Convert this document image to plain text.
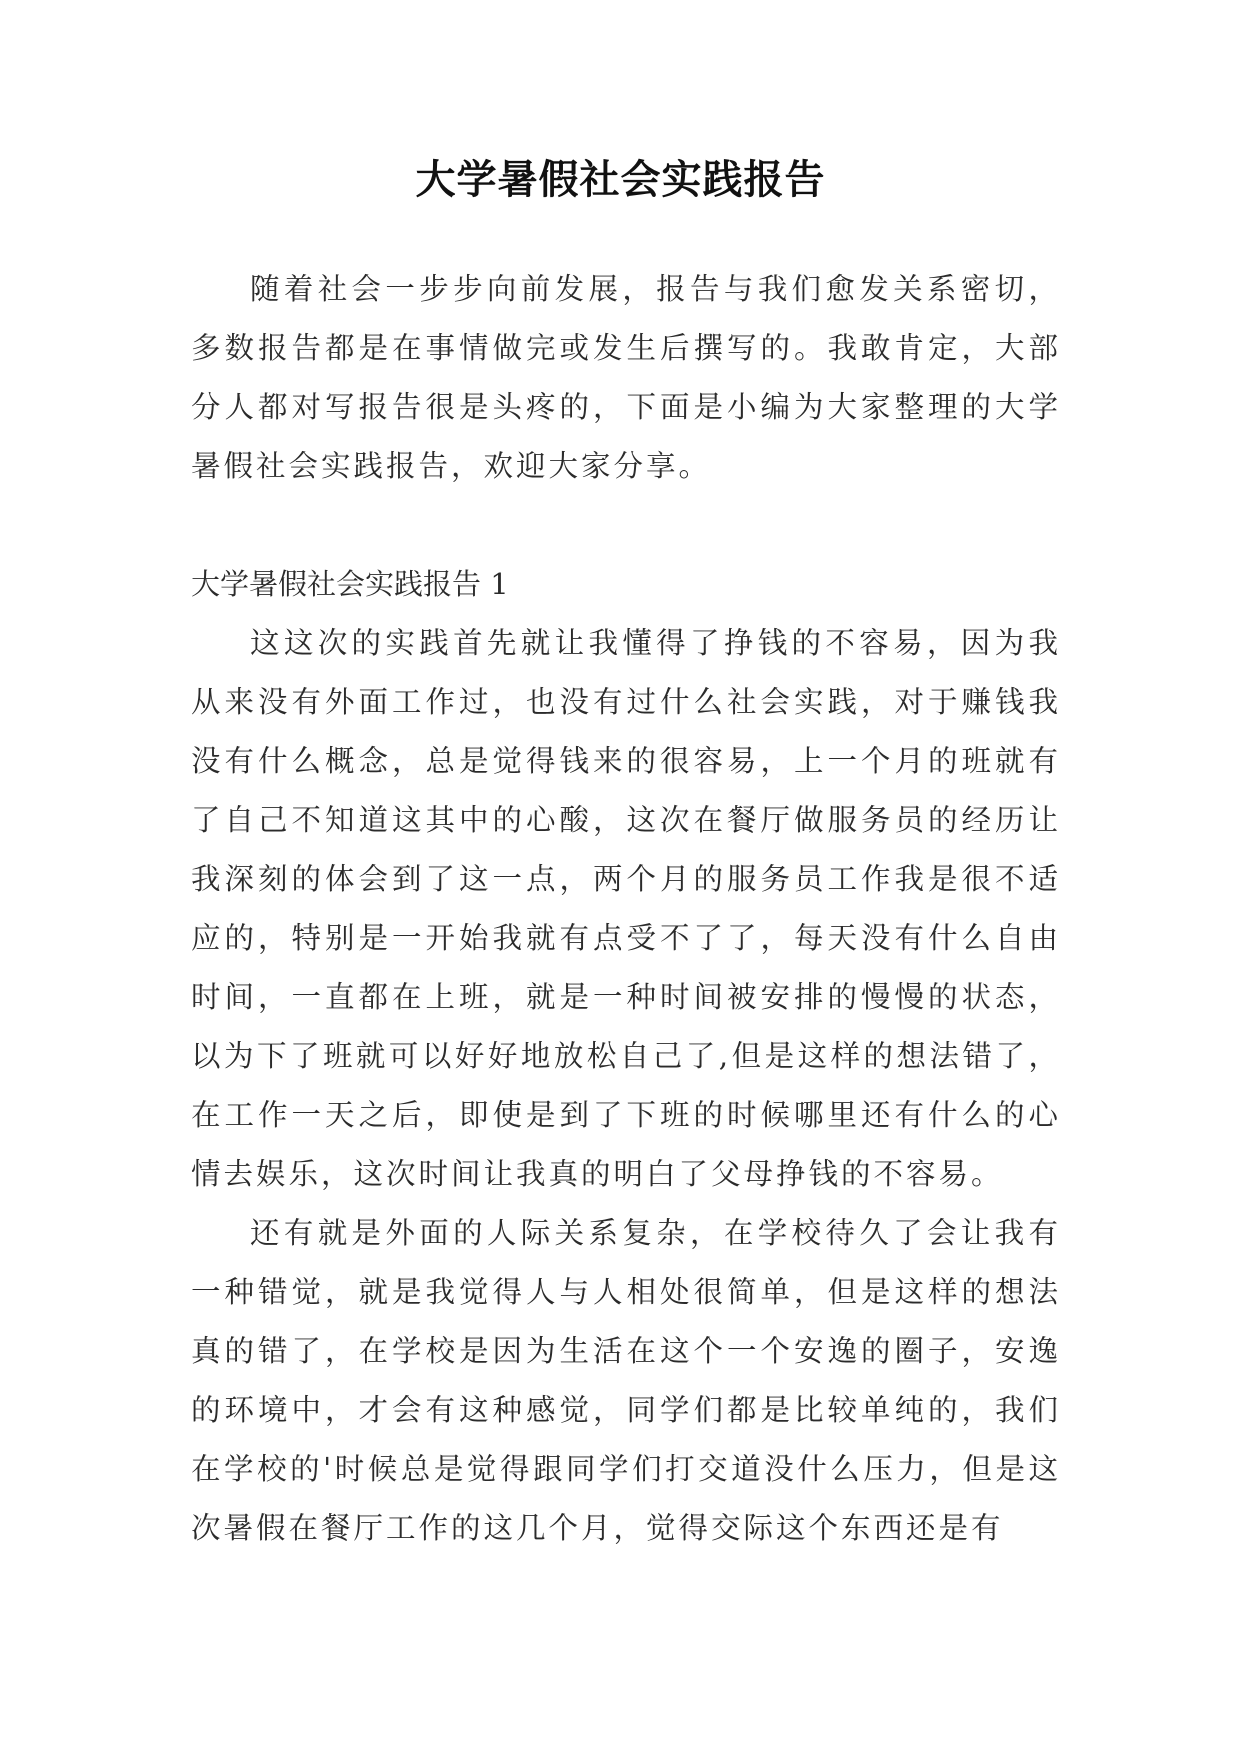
大学暑假社会实践报告

随着社会一步步向前发展，报告与我们愈发关系密切，多数报告都是在事情做完或发生后撰写的。我敢肯定，大部分人都对写报告很是头疼的，下面是小编为大家整理的大学暑假社会实践报告，欢迎大家分享。

大学暑假社会实践报告 1

这这次的实践首先就让我懂得了挣钱的不容易，因为我从来没有外面工作过，也没有过什么社会实践，对于赚钱我没有什么概念，总是觉得钱来的很容易，上一个月的班就有了自己不知道这其中的心酸，这次在餐厅做服务员的经历让我深刻的体会到了这一点，两个月的服务员工作我是很不适应的，特别是一开始我就有点受不了了，每天没有什么自由时间，一直都在上班，就是一种时间被安排的慢慢的状态，以为下了班就可以好好地放松自己了,但是这样的想法错了，在工作一天之后，即使是到了下班的时候哪里还有什么的心情去娱乐，这次时间让我真的明白了父母挣钱的不容易。

还有就是外面的人际关系复杂，在学校待久了会让我有一种错觉，就是我觉得人与人相处很简单，但是这样的想法真的错了，在学校是因为生活在这个一个安逸的圈子，安逸的环境中，才会有这种感觉，同学们都是比较单纯的，我们在学校的'时候总是觉得跟同学们打交道没什么压力，但是这次暑假在餐厅工作的这几个月，觉得交际这个东西还是有
